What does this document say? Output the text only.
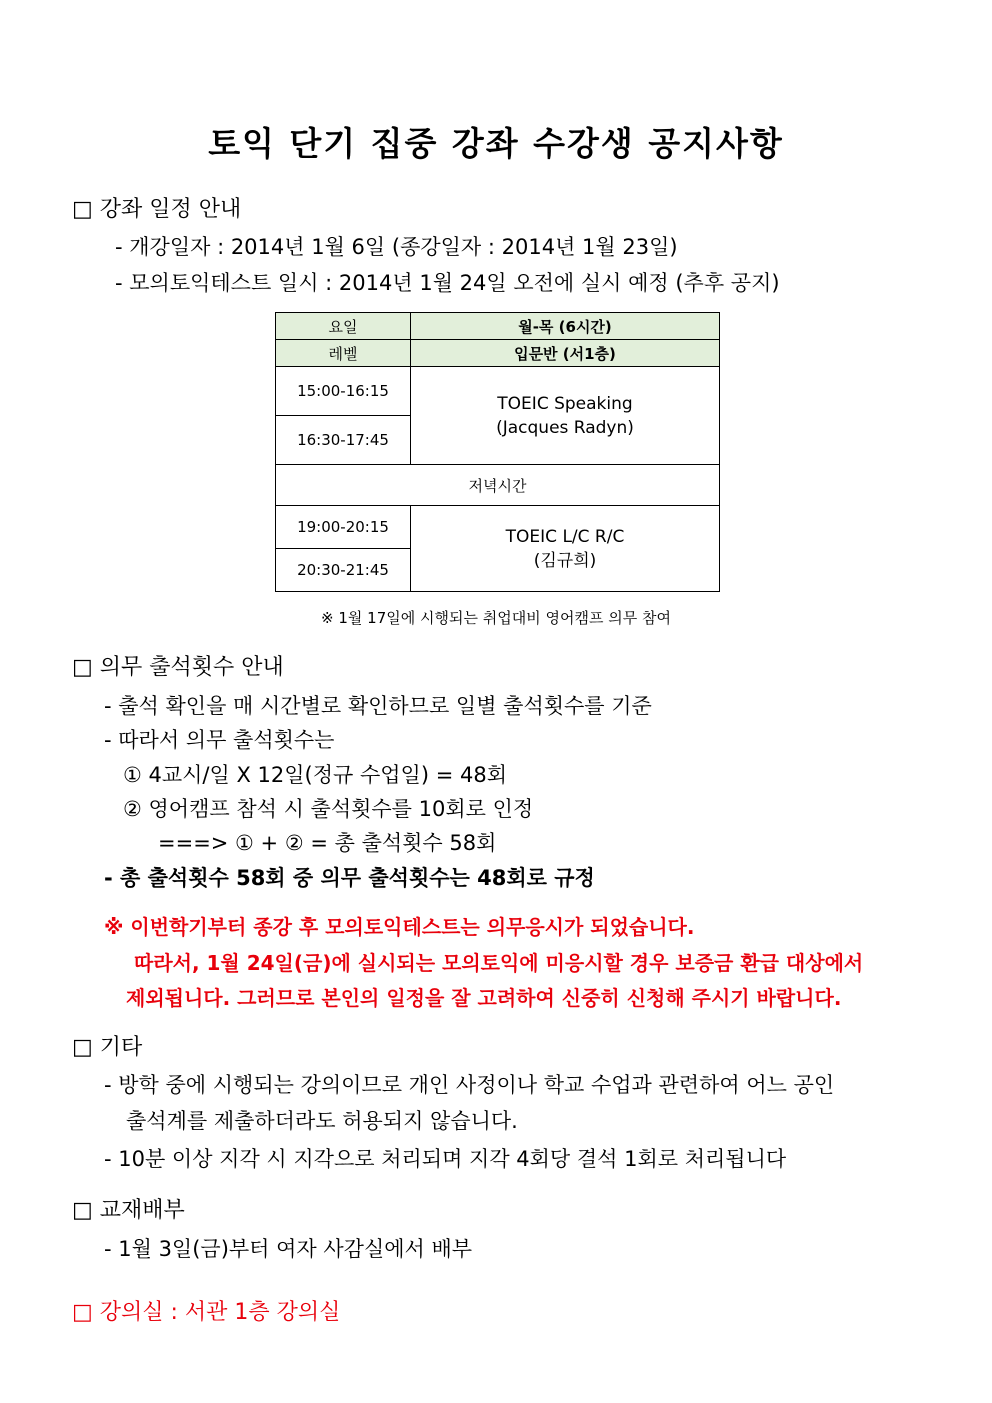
토익 단기 집중 강좌 수강생 공지사항
□ 강좌 일정 안내
- 개강일자 : 2014년 1월 6일 (종강일자 : 2014년 1월 23일)
- 모의토익테스트 일시 : 2014년 1월 24일 오전에 실시 예정 (추후 공지)
요일	월-목 (6시간)
레벨	입문반 (서1층)
15:00-16:15	TOEIC Speaking
(Jacques Radyn)

16:30-17:45	
저녁시간	
19:00-20:15	TOEIC L/C R/C
(김규희)

20:30-21:45	
※ 1월 17일에 시행되는 취업대비 영어캠프 의무 참여
□ 의무 출석횟수 안내
- 출석 확인을 매 시간별로 확인하므로 일별 출석횟수를 기준
- 따라서 의무 출석횟수는
① 4교시/일 X 12일(정규 수업일) = 48회
② 영어캠프 참석 시 출석횟수를 10회로 인정
===> ① + ② = 총 출석횟수 58회
- 총 출석횟수 58회 중 의무 출석횟수는 48회로 규정
※ 이번학기부터 종강 후 모의토익테스트는 의무응시가 되었습니다.
따라서, 1월 24일(금)에 실시되는 모의토익에 미응시할 경우 보증금 환급 대상에서
제외됩니다. 그러므로 본인의 일정을 잘 고려하여 신중히 신청해 주시기 바랍니다.
□ 기타
- 방학 중에 시행되는 강의이므로 개인 사정이나 학교 수업과 관련하여 어느 공인
출석계를 제출하더라도 허용되지 않습니다.
- 10분 이상 지각 시 지각으로 처리되며 지각 4회당 결석 1회로 처리됩니다
□ 교재배부
- 1월 3일(금)부터 여자 사감실에서 배부
□ 강의실 : 서관 1층 강의실
